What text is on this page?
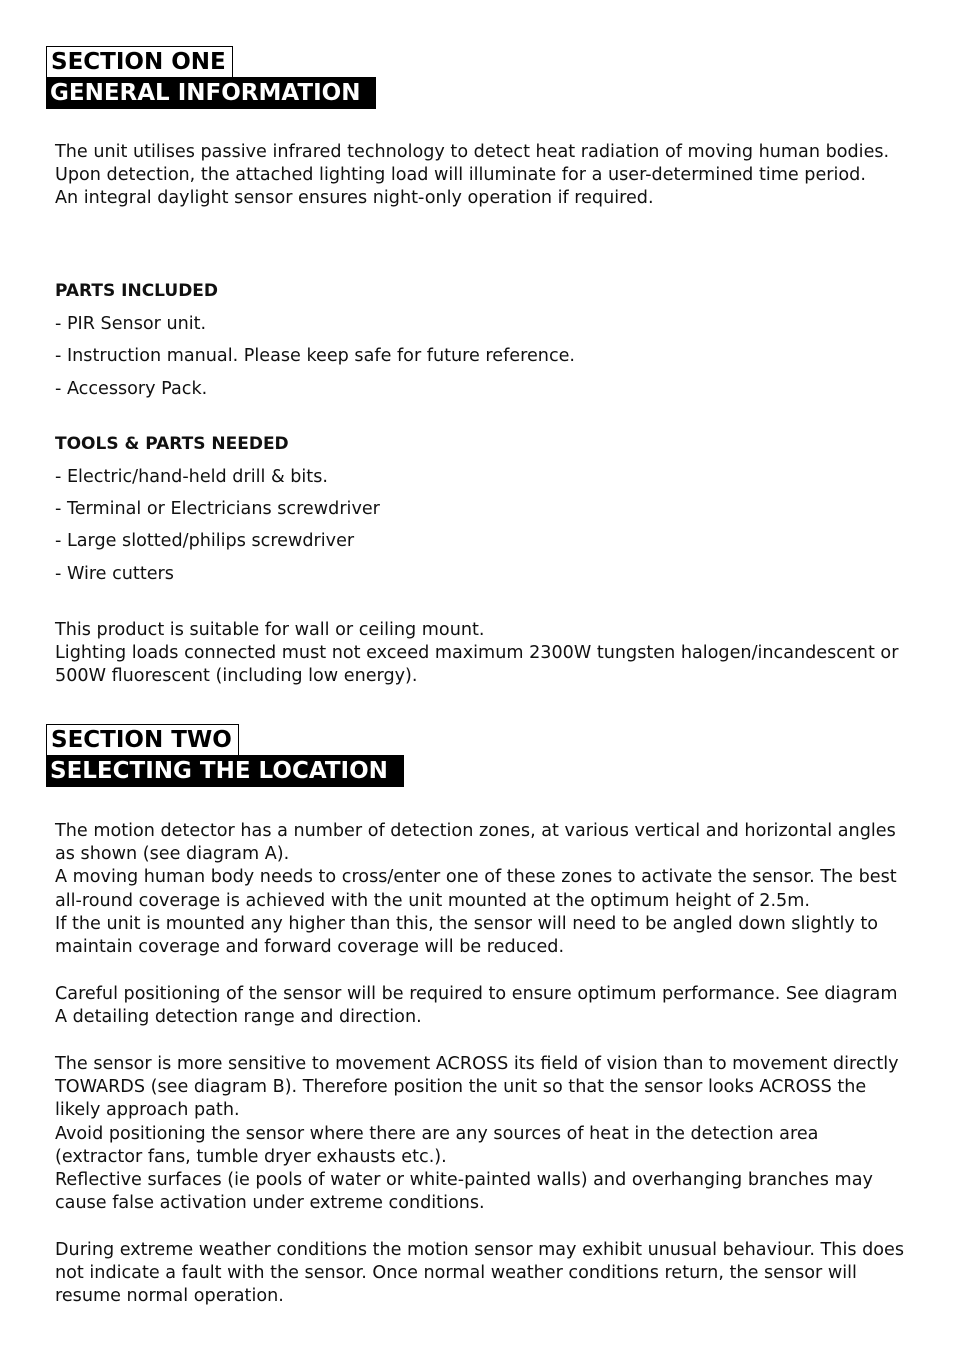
SECTION ONE
GENERAL INFORMATION

The unit utilises passive infrared technology to detect heat radiation of moving human bodies.
Upon detection, the attached lighting load will illuminate for a user-determined time period.
An integral daylight sensor ensures night-only operation if required.

PARTS INCLUDED

- PIR Sensor unit.

- Instruction manual. Please keep safe for future reference.

- Accessory Pack.

TOOLS & PARTS NEEDED

- Electric/hand-held drill & bits.

- Terminal or Electricians screwdriver

- Large slotted/philips screwdriver

- Wire cutters

This product is suitable for wall or ceiling mount.
Lighting loads connected must not exceed maximum 2300W tungsten halogen/incandescent or 500W fluorescent (including low energy).

SECTION TWO
SELECTING THE LOCATION

The motion detector has a number of detection zones, at various vertical and horizontal angles as shown (see diagram A).
A moving human body needs to cross/enter one of these zones to activate the sensor. The best all-round coverage is achieved with the unit mounted at the optimum height of 2.5m.
If the unit is mounted any higher than this, the sensor will need to be angled down slightly to maintain coverage and forward coverage will be reduced.

Careful positioning of the sensor will be required to ensure optimum performance. See diagram A detailing detection range and direction.

The sensor is more sensitive to movement ACROSS its field of vision than to movement directly TOWARDS (see diagram B). Therefore position the unit so that the sensor looks ACROSS the likely approach path.
Avoid positioning the sensor where there are any sources of heat in the detection area (extractor fans, tumble dryer exhausts etc.).
Reflective surfaces (ie pools of water or white-painted walls) and overhanging branches may cause false activation under extreme conditions.

During extreme weather conditions the motion sensor may exhibit unusual behaviour. This does not indicate a fault with the sensor. Once normal weather conditions return, the sensor will resume normal operation.
